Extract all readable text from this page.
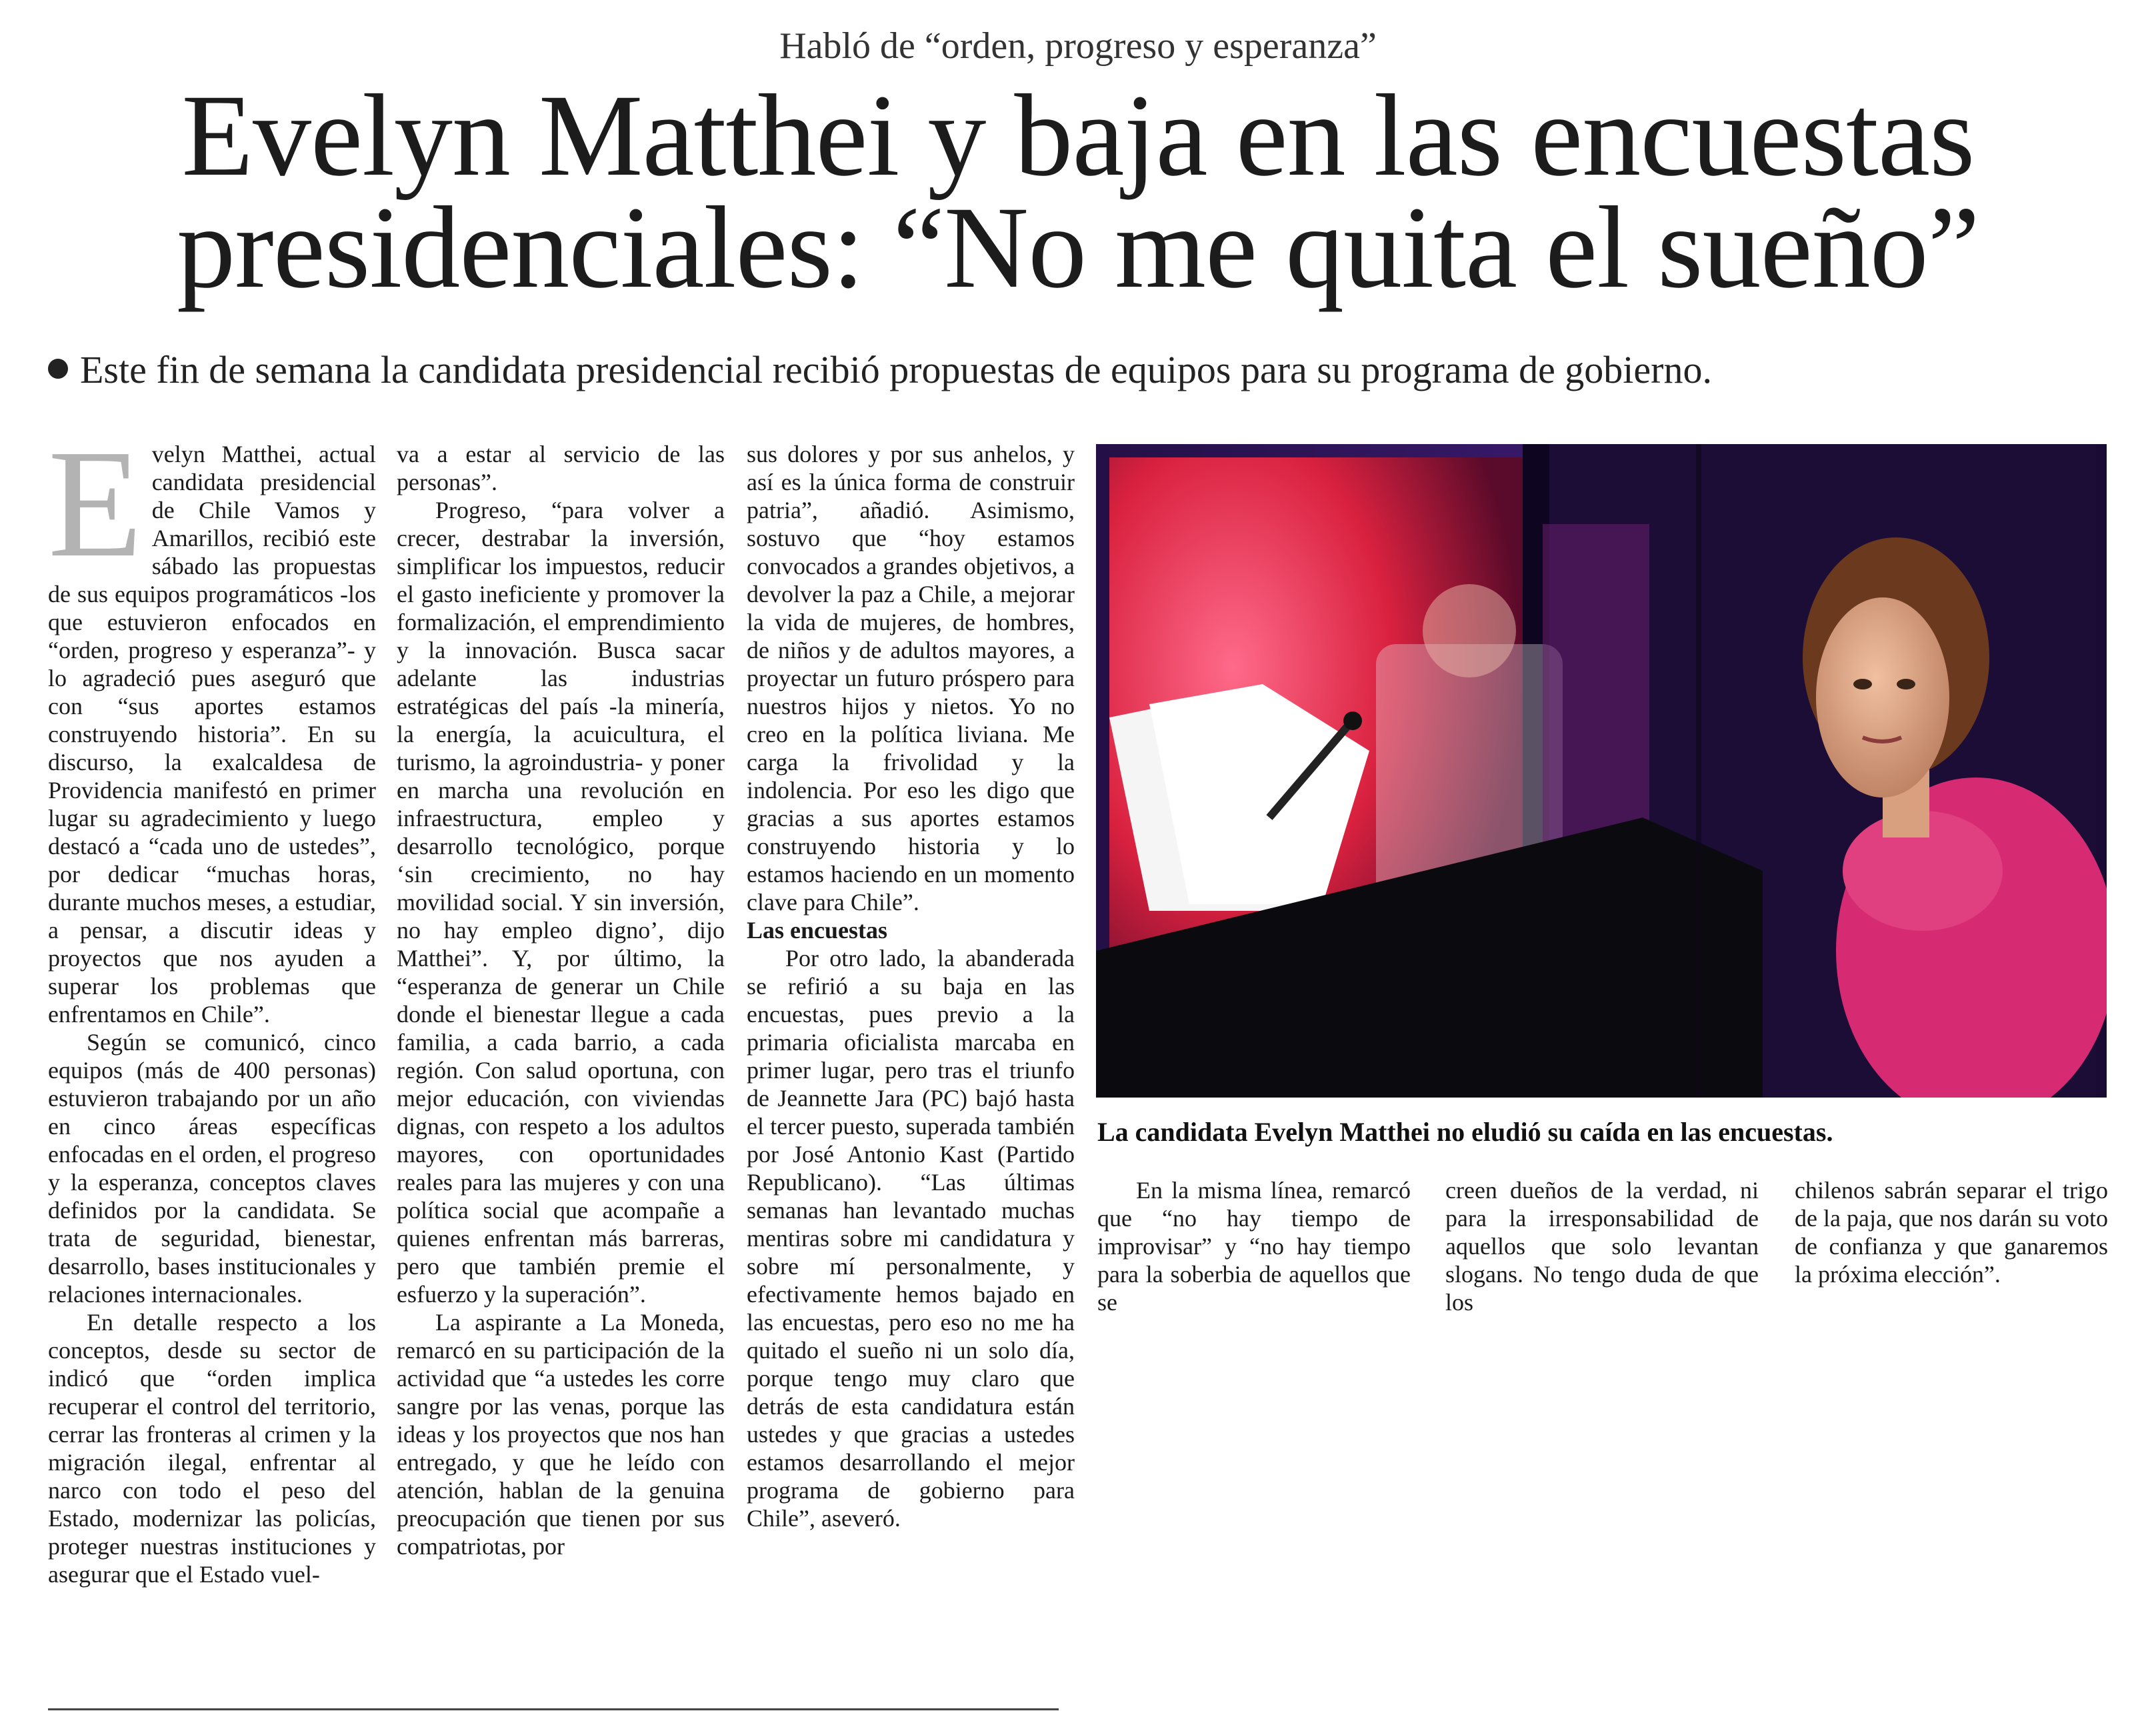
Habló de “orden, progreso y esperanza”
Evelyn Matthei y baja en las encuestas
presidenciales: “No me quita el sueño”
Este fin de semana la candidata presidencial recibió propuestas de equipos para su programa de gobierno.

Evelyn Matthei, actual candidata presidencial de Chile Vamos y Amarillos, recibió este sábado las propuestas de sus equipos programáticos -los que estuvieron enfocados en “orden, progreso y esperanza”- y lo agradeció pues aseguró que con “sus aportes estamos construyendo historia”. En su discurso, la exalcaldesa de Providencia manifestó en primer lugar su agradecimiento y luego destacó a “cada uno de ustedes”, por dedicar “muchas horas, durante muchos meses, a estudiar, a pensar, a discutir ideas y proyectos que nos ayuden a superar los problemas que enfrentamos en Chile”.

Según se comunicó, cinco equipos (más de 400 personas) estuvieron trabajando por un año en cinco áreas específicas enfocadas en el orden, el progreso y la esperanza, conceptos claves definidos por la candidata. Se trata de seguridad, bienestar, desarrollo, bases institucionales y relaciones internacionales.

En detalle respecto a los conceptos, desde su sector de indicó que “orden implica recuperar el control del territorio, cerrar las fronteras al crimen y la migración ilegal, enfrentar al narco con todo el peso del Estado, modernizar las policías, proteger nuestras instituciones y asegurar que el Estado vuel-

va a estar al servicio de las personas”.

Progreso, “para volver a crecer, destrabar la inversión, simplificar los impuestos, reducir el gasto ineficiente y promover la formalización, el emprendimiento y la innovación. Busca sacar adelante las industrias estratégicas del país -la minería, la energía, la acuicultura, el turismo, la agroindustria- y poner en marcha una revolución en infraestructura, empleo y desarrollo tecnológico, porque ‘sin crecimiento, no hay movilidad social. Y sin inversión, no hay empleo digno’, dijo Matthei”. Y, por último, la “esperanza de generar un Chile donde el bienestar llegue a cada familia, a cada barrio, a cada región. Con salud oportuna, con mejor educación, con viviendas dignas, con respeto a los adultos mayores, con oportunidades reales para las mujeres y con una política social que acompañe a quienes enfrentan más barreras, pero que también premie el esfuerzo y la superación”.

La aspirante a La Moneda, remarcó en su participación de la actividad que “a ustedes les corre sangre por las venas, porque las ideas y los proyectos que nos han entregado, y que he leído con atención, hablan de la genuina preocupación que tienen por sus compatriotas, por

sus dolores y por sus anhelos, y así es la única forma de construir patria”, añadió. Asimismo, sostuvo que “hoy estamos convocados a grandes objetivos, a devolver la paz a Chile, a mejorar la vida de mujeres, de hombres, de niños y de adultos mayores, a proyectar un futuro próspero para nuestros hijos y nietos. Yo no creo en la política liviana. Me carga la frivolidad y la indolencia. Por eso les digo que gracias a sus aportes estamos construyendo historia y lo estamos haciendo en un momento clave para Chile”.

Las encuestas

Por otro lado, la abanderada se refirió a su baja en las encuestas, pues previo a la primaria oficialista marcaba en primer lugar, pero tras el triunfo de Jeannette Jara (PC) bajó hasta el tercer puesto, superada también por José Antonio Kast (Partido Republicano). “Las últimas semanas han levantado muchas mentiras sobre mi candidatura y sobre mí personalmente, y efectivamente hemos bajado en las encuestas, pero eso no me ha quitado el sueño ni un solo día, porque tengo muy claro que detrás de esta candidatura están ustedes y que gracias a ustedes estamos desarrollando el mejor programa de gobierno para Chile”, aseveró.

La candidata Evelyn Matthei no eludió su caída en las encuestas.

En la misma línea, remarcó que “no hay tiempo de improvisar” y “no hay tiempo para la soberbia de aquellos que se

creen dueños de la verdad, ni para la irresponsabilidad de aquellos que solo levantan slogans. No tengo duda de que los

chilenos sabrán separar el trigo de la paja, que nos darán su voto de confianza y que ganaremos la próxima elección”.
